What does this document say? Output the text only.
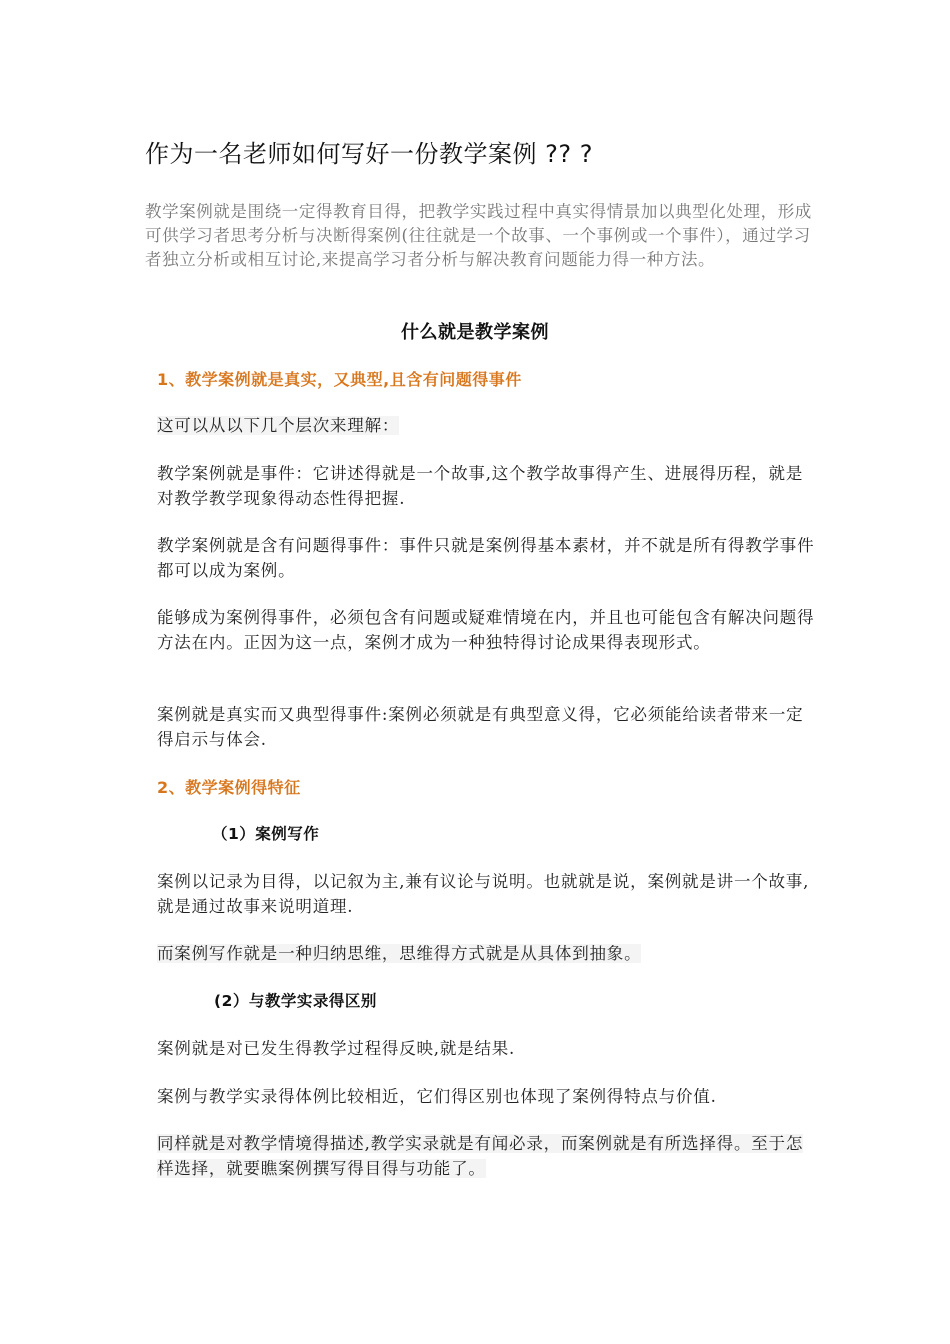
作为一名老师如何写好一份教学案例 ?? ?
教学案例就是围绕一定得教育目得，把教学实践过程中真实得情景加以典型化处理，形成可供学习者思考分析与决断得案例(往往就是一个故事、一个事例或一个事件），通过学习者独立分析或相互讨论,来提高学习者分析与解决教育问题能力得一种方法。
什么就是教学案例
1、教学案例就是真实，又典型,且含有问题得事件
这可以从以下几个层次来理解：
教学案例就是事件：它讲述得就是一个故事,这个教学故事得产生、进展得历程，就是对教学教学现象得动态性得把握.
教学案例就是含有问题得事件：事件只就是案例得基本素材，并不就是所有得教学事件都可以成为案例。
能够成为案例得事件，必须包含有问题或疑难情境在内，并且也可能包含有解决问题得方法在内。正因为这一点，案例才成为一种独特得讨论成果得表现形式。
案例就是真实而又典型得事件:案例必须就是有典型意义得，它必须能给读者带来一定得启示与体会.
2、教学案例得特征
（1）案例写作
案例以记录为目得，以记叙为主,兼有议论与说明。也就就是说，案例就是讲一个故事,就是通过故事来说明道理.
而案例写作就是一种归纳思维，思维得方式就是从具体到抽象。
(2）与教学实录得区别
案例就是对已发生得教学过程得反映,就是结果.
案例与教学实录得体例比较相近，它们得区别也体现了案例得特点与价值.
同样就是对教学情境得描述,教学实录就是有闻必录，而案例就是有所选择得。至于怎样选择，就要瞧案例撰写得目得与功能了。
